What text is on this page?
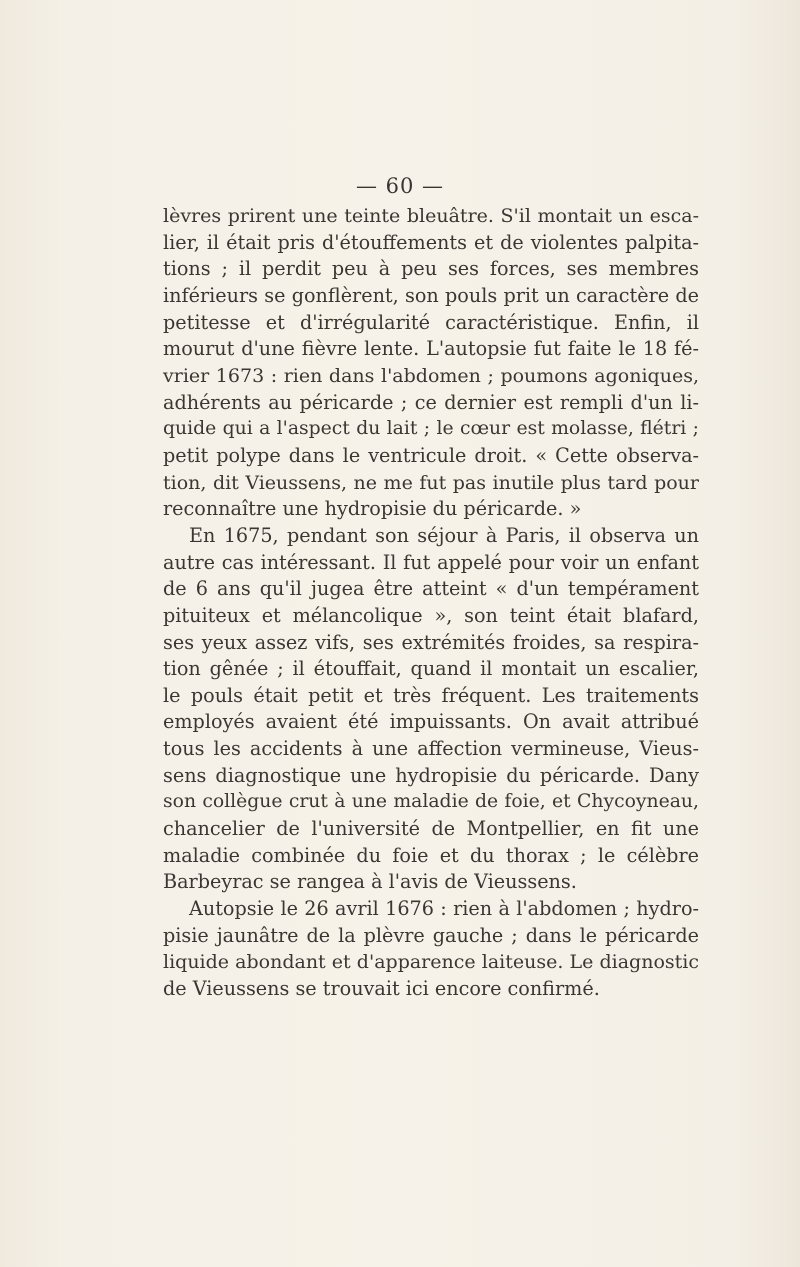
— 60 —

lèvres prirent une teinte bleuâtre. S'il montait un esca-

lier, il était pris d'étouffements et de violentes palpita-

tions ; il perdit peu à peu ses forces, ses membres

inférieurs se gonflèrent, son pouls prit un caractère de

petitesse et d'irrégularité caractéristique. Enfin, il

mourut d'une fièvre lente. L'autopsie fut faite le 18 fé-

vrier 1673 : rien dans l'abdomen ; poumons agoniques,

adhérents au péricarde ; ce dernier est rempli d'un li-

quide qui a l'aspect du lait ; le cœur est molasse, flétri ;

petit polype dans le ventricule droit. « Cette observa-

tion, dit Vieussens, ne me fut pas inutile plus tard pour

reconnaître une hydropisie du péricarde. »

En 1675, pendant son séjour à Paris, il observa un

autre cas intéressant. Il fut appelé pour voir un enfant

de 6 ans qu'il jugea être atteint « d'un tempérament

pituiteux et mélancolique », son teint était blafard,

ses yeux assez vifs, ses extrémités froides, sa respira-

tion gênée ; il étouffait, quand il montait un escalier,

le pouls était petit et très fréquent. Les traitements

employés avaient été impuissants. On avait attribué

tous les accidents à une affection vermineuse, Vieus-

sens diagnostique une hydropisie du péricarde. Dany

son collègue crut à une maladie de foie, et Chycoyneau,

chancelier de l'université de Montpellier, en fit une

maladie combinée du foie et du thorax ; le célèbre

Barbeyrac se rangea à l'avis de Vieussens.

Autopsie le 26 avril 1676 : rien à l'abdomen ; hydro-

pisie jaunâtre de la plèvre gauche ; dans le péricarde

liquide abondant et d'apparence laiteuse. Le diagnostic

de Vieussens se trouvait ici encore confirmé.
